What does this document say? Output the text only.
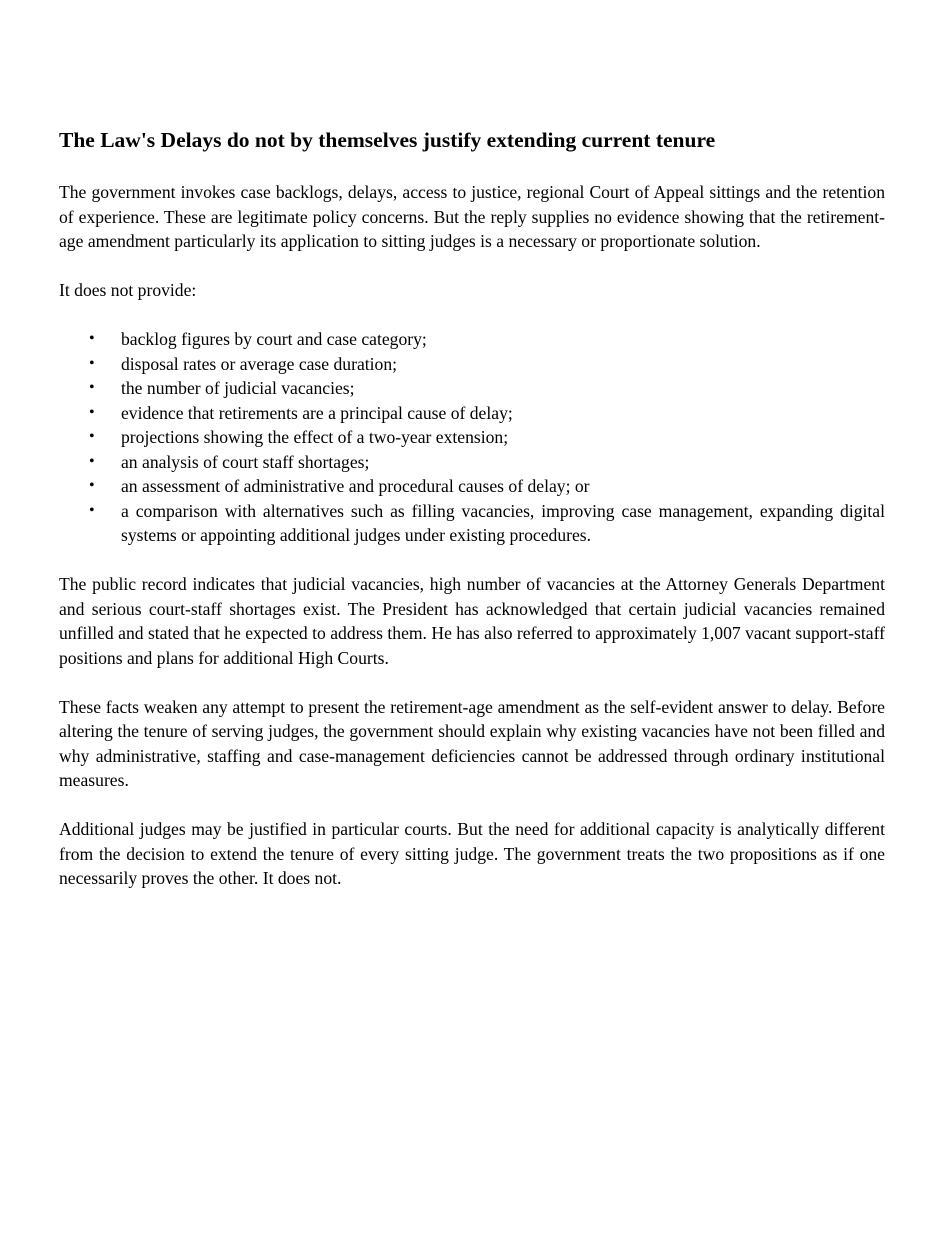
The Law's Delays do not by themselves justify extending current tenure

The government invokes case backlogs, delays, access to justice, regional Court of Appeal sittings and the retention of experience. These are legitimate policy concerns. But the reply supplies no evidence showing that the retirement-age amendment particularly its application to sitting judges is a necessary or proportionate solution.

It does not provide:

• backlog figures by court and case category;
• disposal rates or average case duration;
• the number of judicial vacancies;
• evidence that retirements are a principal cause of delay;
• projections showing the effect of a two-year extension;
• an analysis of court staff shortages;
• an assessment of administrative and procedural causes of delay; or
• a comparison with alternatives such as filling vacancies, improving case management, expanding digital systems or appointing additional judges under existing procedures.

The public record indicates that judicial vacancies, high number of vacancies at the Attorney Generals Department and serious court-staff shortages exist. The President has acknowledged that certain judicial vacancies remained unfilled and stated that he expected to address them. He has also referred to approximately 1,007 vacant support-staff positions and plans for additional High Courts.

These facts weaken any attempt to present the retirement-age amendment as the self-evident answer to delay. Before altering the tenure of serving judges, the government should explain why existing vacancies have not been filled and why administrative, staffing and case-management deficiencies cannot be addressed through ordinary institutional measures.

Additional judges may be justified in particular courts. But the need for additional capacity is analytically different from the decision to extend the tenure of every sitting judge. The government treats the two propositions as if one necessarily proves the other. It does not.
